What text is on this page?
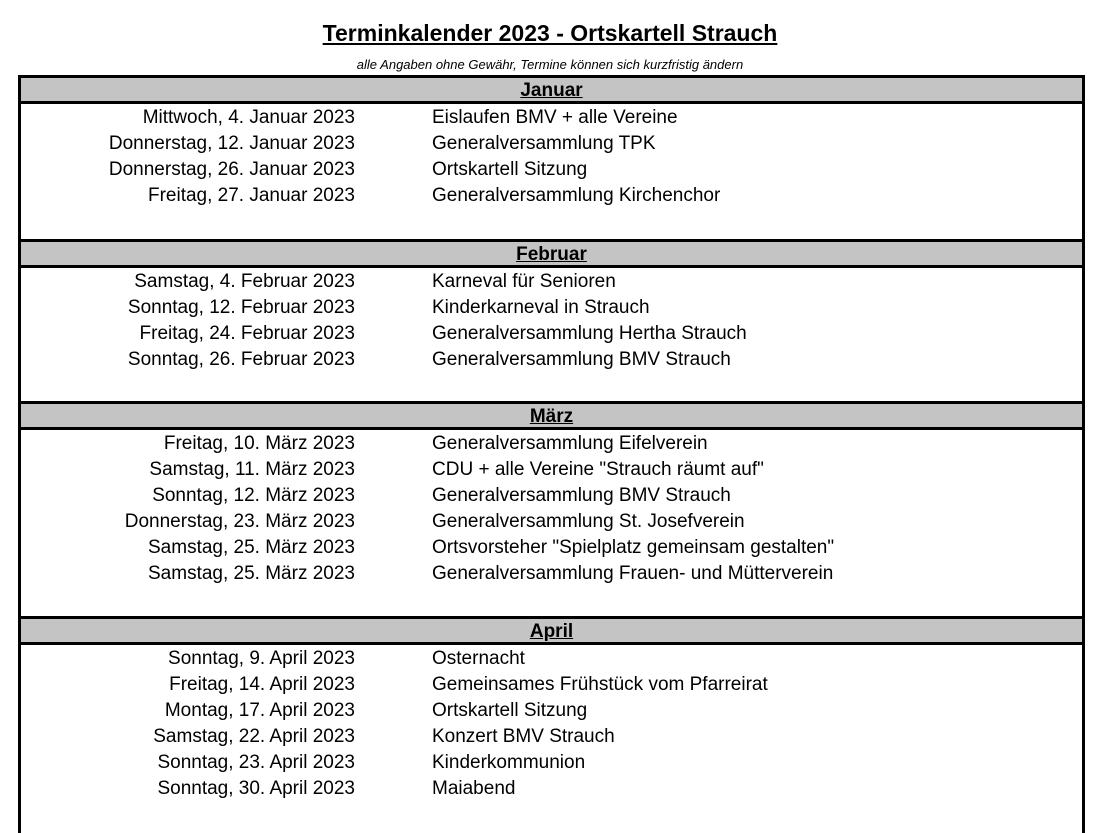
Terminkalender 2023 - Ortskartell Strauch
alle Angaben ohne Gewähr, Termine können sich kurzfristig ändern
Januar
Mittwoch, 4. Januar 2023	Eislaufen BMV + alle Vereine
Donnerstag, 12. Januar 2023	Generalversammlung TPK
Donnerstag, 26. Januar 2023	Ortskartell Sitzung
Freitag, 27. Januar 2023	Generalversammlung Kirchenchor
Februar
Samstag, 4. Februar 2023	Karneval für Senioren
Sonntag, 12. Februar 2023	Kinderkarneval in Strauch
Freitag, 24. Februar 2023	Generalversammlung Hertha Strauch
Sonntag, 26. Februar 2023	Generalversammlung BMV Strauch
März
Freitag, 10. März 2023	Generalversammlung Eifelverein
Samstag, 11. März 2023	CDU + alle Vereine "Strauch räumt auf"
Sonntag, 12. März 2023	Generalversammlung BMV Strauch
Donnerstag, 23. März 2023	Generalversammlung St. Josefverein
Samstag, 25. März 2023	Ortsvorsteher "Spielplatz gemeinsam gestalten"
Samstag, 25. März 2023	Generalversammlung Frauen- und Mütterverein
April
Sonntag, 9. April 2023	Osternacht
Freitag, 14. April 2023	Gemeinsames Frühstück vom Pfarreirat
Montag, 17. April 2023	Ortskartell Sitzung
Samstag, 22. April 2023	Konzert BMV Strauch
Sonntag, 23. April 2023	Kinderkommunion
Sonntag, 30. April 2023	Maiabend
